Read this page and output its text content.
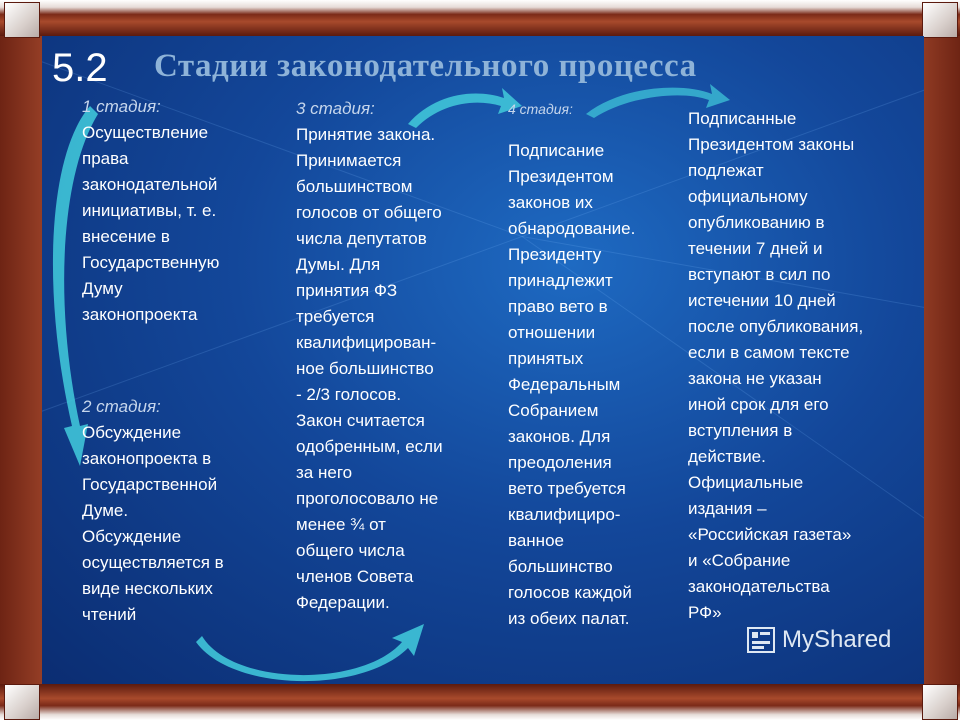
5.2 Стадии законодательного процесса
1 стадия:
Осуществление
права
законодательной
инициативы, т. е.
внесение в
Государственную
Думу
законопроекта
2 стадия:
Обсуждение
законопроекта в
Государственной
Думе.
Обсуждение
осуществляется в
виде нескольких
чтений
3 стадия:
Принятие закона.
Принимается
большинством
голосов от общего
числа депутатов
Думы. Для
принятия ФЗ
требуется
квалифицирован-
ное большинство
- 2/3 голосов.
Закон считается
одобренным, если
за него
проголосовало не
менее ¾ от
общего числа
членов Совета
Федерации.
4 стадия:
Подписание
Президентом
законов их
обнародование.
Президенту
принадлежит
право вето в
отношении
принятых
Федеральным
Собранием
законов. Для
преодоления
вето требуется
квалифициро-
ванное
большинство
голосов каждой
из обеих палат.
Подписанные
Президентом законы
подлежат
официальному
опубликованию в
течении 7 дней и
вступают в сил по
истечении 10 дней
после опубликования,
если в самом тексте
закона не указан
иной срок для его
вступления в
действие.
Официальные
издания –
«Российская газета»
и «Собрание
законодательства
РФ»
MyShared
